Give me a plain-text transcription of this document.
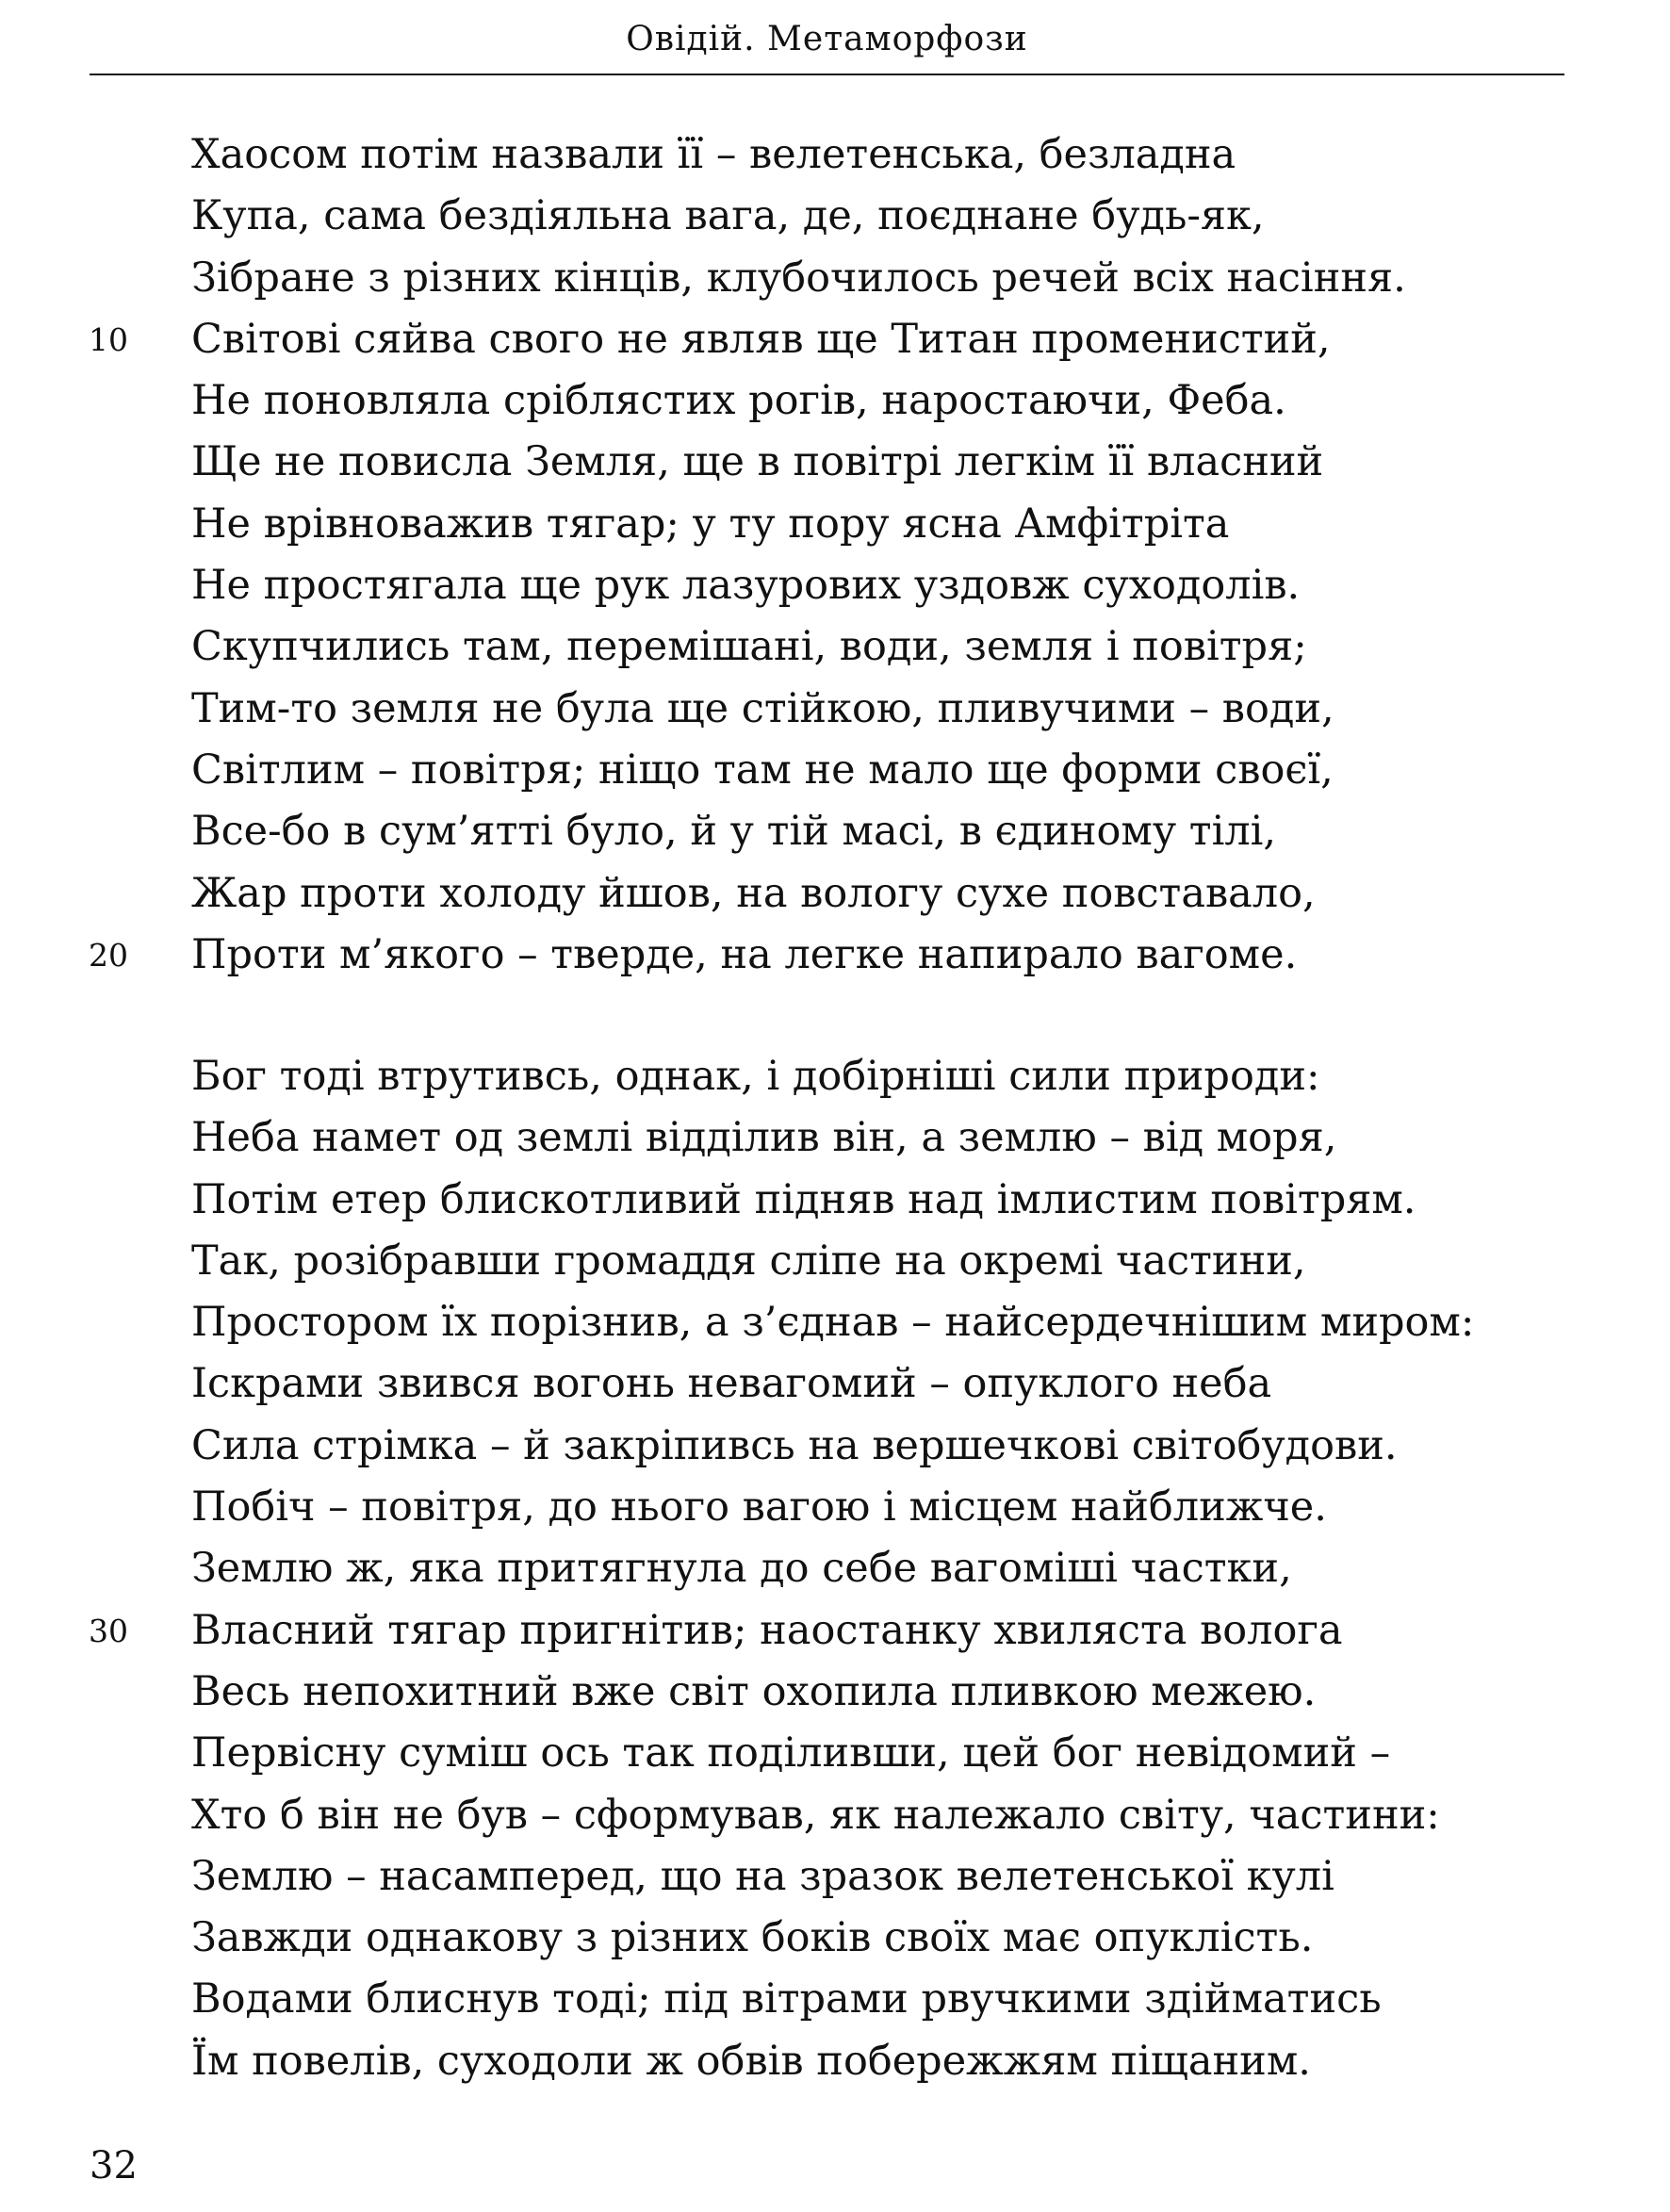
Овідій. Метаморфози
Хаосом потім назвали її – велетенська, безладна
Купа, сама бездіяльна вага, де, поєднане будь-як,
Зібране з різних кінців, клубочилось речей всіх насіння.
10 Світові сяйва свого не являв ще Титан променистий,
Не поновляла сріблястих рогів, наростаючи, Феба.
Ще не повисла Земля, ще в повітрі легкім її власний
Не врівноважив тягар; у ту пору ясна Амфітріта
Не простягала ще рук лазурових уздовж суходолів.
Скупчились там, перемішані, води, земля і повітря;
Тим-то земля не була ще стійкою, пливучими – води,
Світлим – повітря; ніщо там не мало ще форми своєї,
Все-бо в сум’ятті було, й у тій масі, в єдиному тілі,
Жар проти холоду йшов, на вологу сухе повставало,
20 Проти м’якого – тверде, на легке напирало вагоме.
Бог тоді втрутивсь, однак, і добірніші сили природи:
Неба намет од землі відділив він, а землю – від моря,
Потім етер блискотливий підняв над імлистим повітрям.
Так, розібравши громаддя сліпе на окремі частини,
Простором їх порізнив, а з’єднав – найсердечнішим миром:
Іскрами звився вогонь невагомий – опуклого неба
Сила стрімка – й закріпивсь на вершечкові світобудови.
Побіч – повітря, до нього вагою і місцем найближче.
Землю ж, яка притягнула до себе вагоміші частки,
30 Власний тягар пригнітив; наостанку хвиляста волога
Весь непохитний вже світ охопила пливкою межею.
Первісну суміш ось так поділивши, цей бог невідомий –
Хто б він не був – сформував, як належало світу, частини:
Землю – насамперед, що на зразок велетенської кулі
Завжди однакову з різних боків своїх має опуклість.
Водами блиснув тоді; під вітрами рвучкими здійматись
Їм повелів, суходоли ж обвів побережжям піщаним.
32
